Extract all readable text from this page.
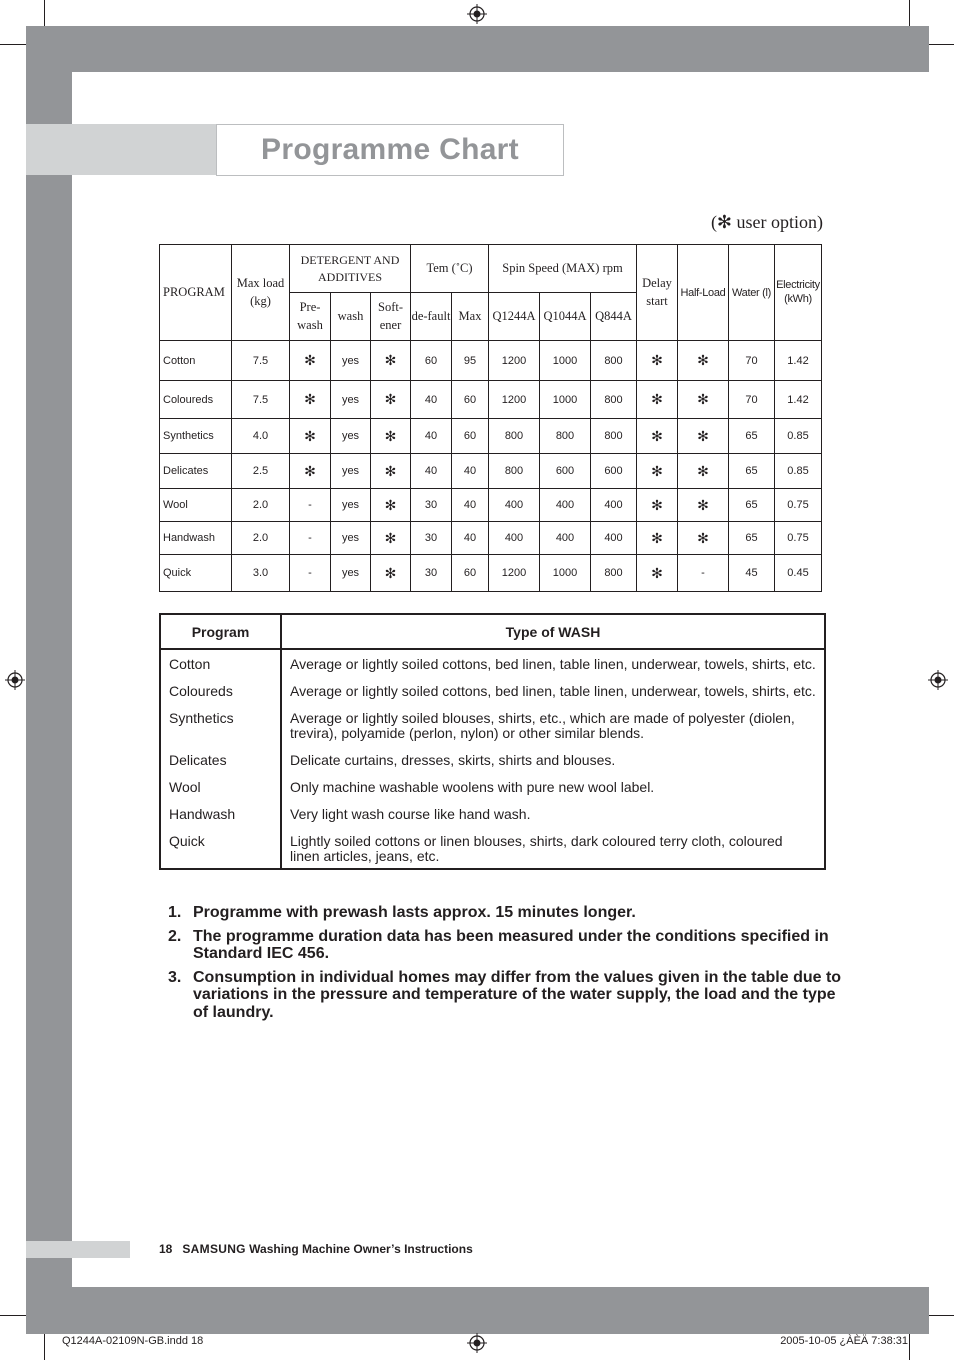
Programme Chart
(✻ user option)
PROGRAM	Max load (kg)	DETERGENT AND ADDITIVES			Tem (˚C)		Spin Speed (MAX) rpm			Delay start	Half-Load	Water (l)	Electricity (kWh)
		Pre-wash	wash	Soft-ener	de-fault	Max	Q1244A	Q1044A	Q844A				
Cotton	7.5	✻	yes	✻	60	95	1200	1000	800	✻	✻	70	1.42
Coloureds	7.5	✻	yes	✻	40	60	1200	1000	800	✻	✻	70	1.42
Synthetics	4.0	✻	yes	✻	40	60	800	800	800	✻	✻	65	0.85
Delicates	2.5	✻	yes	✻	40	40	800	600	600	✻	✻	65	0.85
Wool	2.0	-	yes	✻	30	40	400	400	400	✻	✻	65	0.75
Handwash	2.0	-	yes	✻	30	40	400	400	400	✻	✻	65	0.75
Quick	3.0	-	yes	✻	30	60	1200	1000	800	✻	-	45	0.45
Program	Type of WASH
Cotton	Average or lightly soiled cottons, bed linen, table linen, underwear, towels, shirts, etc.
Coloureds	Average or lightly soiled cottons, bed linen, table linen, underwear, towels, shirts, etc.
Synthetics	Average or lightly soiled blouses, shirts, etc., which are made of polyester (diolen, trevira), polyamide (perlon, nylon) or other similar blends.
Delicates	Delicate curtains, dresses, skirts, shirts and blouses.
Wool	Only machine washable woolens with pure new wool label.
Handwash	Very light wash course like hand wash.
Quick	Lightly soiled cottons or linen blouses, shirts, dark coloured terry cloth, coloured linen articles, jeans, etc.
1. Programme with prewash lasts approx. 15 minutes longer.
2. The programme duration data has been measured under the conditions specified in Standard IEC 456.
3. Consumption in individual homes may differ from the values given in the table due to variations in the pressure and temperature of the water supply, the load and the type of laundry.
18 SAMSUNG Washing Machine Owner’s Instructions
Q1244A-02109N-GB.indd 18	2005-10-05 ¿ÀÈÄ 7:38:31
